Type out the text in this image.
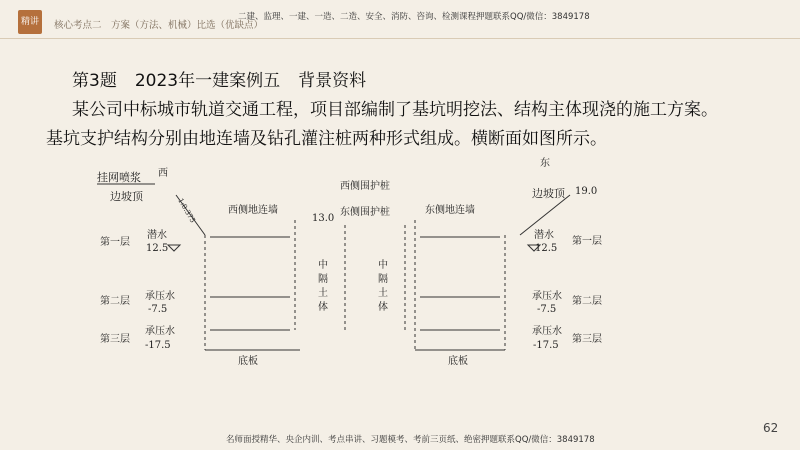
精讲	核心考点二　方案（方法、机械）比选（优缺点）
二建、监理、一建、一造、二造、安全、消防、咨询、检测课程押题联系QQ/微信：3849178
第3题 2023年一建案例五 背景资料
某公司中标城市轨道交通工程，项目部编制了基坑明挖法、结构主体现浇的施工方案。
基坑支护结构分别由地连墙及钻孔灌注桩两种形式组成。横断面如图所示。
挂网喷浆 西
东
边坡顶	边坡顶 19.0
1:0.375
西侧围护桩
西侧地连墙
13.0
东侧围护桩	东侧地连墙
第一层
潜水
12.5
第一层
潜水
12.5
第二层 承压水
-7.5
第二层
承压水
-7.5
第三层
承压水
-17.5
第三层
承压水
-17.5
中
隔
土
体
中
隔
土
体
底板	底板
名师面授精华、央企内训、考点串讲、习题模考、考前三页纸、绝密押题联系QQ/微信：3849178
62
